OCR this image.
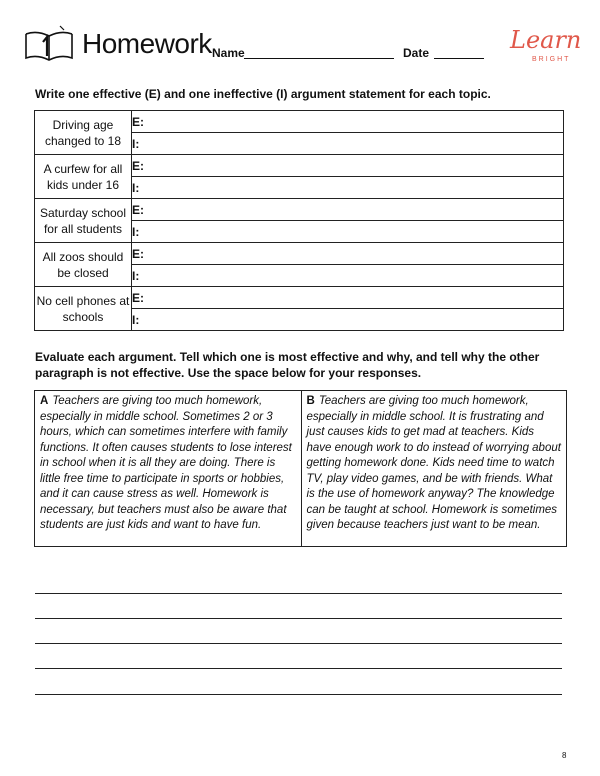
Homework Name	Date	Learn
BRIGHT
Write one effective (E) and one ineffective (I) argument statement for each topic.
Driving age
changed to 18	E:
	I:

A curfew for all
kids under 16	E:
	I:

Saturday school
for all students	E:
	I:

All zoos should
be closed	E:
	I:

No cell phones at
schools	E:
	I:
Evaluate each argument. Tell which one is most effective and why, and tell why the other paragraph is not effective. Use the space below for your responses.
A Teachers are giving too much homework, especially in middle school. Sometimes 2 or 3 hours, which can sometimes interfere with family functions. It often causes students to lose interest in school when it is all they are doing. There is little free time to participate in sports or hobbies, and it can cause stress as well. Homework is necessary, but teachers must also be aware that students are just kids and want to have fun.
B Teachers are giving too much homework, especially in middle school. It is frustrating and just causes kids to get mad at teachers. Kids have enough work to do instead of worrying about getting homework done. Kids need time to watch TV, play video games, and be with friends. What is the use of homework anyway? The knowledge can be taught at school. Homework is sometimes given because teachers just want to be mean.
8
